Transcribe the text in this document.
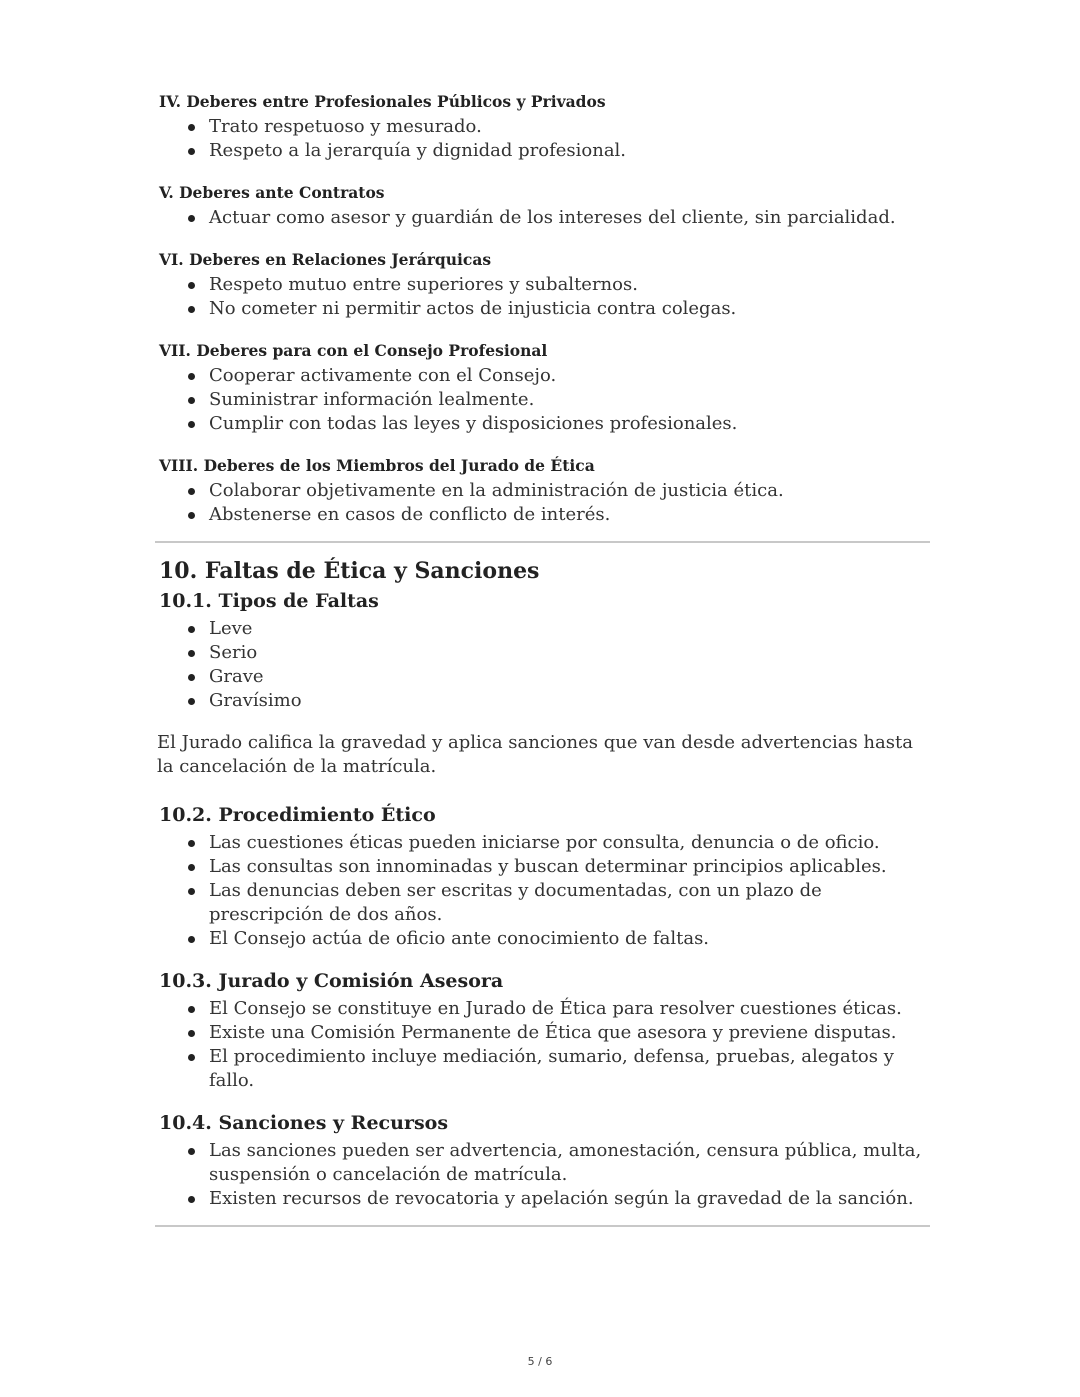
IV. Deberes entre Profesionales Públicos y Privados
Trato respetuoso y mesurado.
Respeto a la jerarquía y dignidad profesional.
V. Deberes ante Contratos
Actuar como asesor y guardián de los intereses del cliente, sin parcialidad.
VI. Deberes en Relaciones Jerárquicas
Respeto mutuo entre superiores y subalternos.
No cometer ni permitir actos de injusticia contra colegas.
VII. Deberes para con el Consejo Profesional
Cooperar activamente con el Consejo.
Suministrar información lealmente.
Cumplir con todas las leyes y disposiciones profesionales.
VIII. Deberes de los Miembros del Jurado de Ética
Colaborar objetivamente en la administración de justicia ética.
Abstenerse en casos de conflicto de interés.
10. Faltas de Ética y Sanciones
10.1. Tipos de Faltas
Leve
Serio
Grave
Gravísimo

El Jurado califica la gravedad y aplica sanciones que van desde advertencias hasta la cancelación de la matrícula.

10.2. Procedimiento Ético
Las cuestiones éticas pueden iniciarse por consulta, denuncia o de oficio.
Las consultas son innominadas y buscan determinar principios aplicables.
Las denuncias deben ser escritas y documentadas, con un plazo de prescripción de dos años.
El Consejo actúa de oficio ante conocimiento de faltas.
10.3. Jurado y Comisión Asesora
El Consejo se constituye en Jurado de Ética para resolver cuestiones éticas.
Existe una Comisión Permanente de Ética que asesora y previene disputas.
El procedimiento incluye mediación, sumario, defensa, pruebas, alegatos y fallo.
10.4. Sanciones y Recursos
Las sanciones pueden ser advertencia, amonestación, censura pública, multa, suspensión o cancelación de matrícula.
Existen recursos de revocatoria y apelación según la gravedad de la sanción.
5 / 6
